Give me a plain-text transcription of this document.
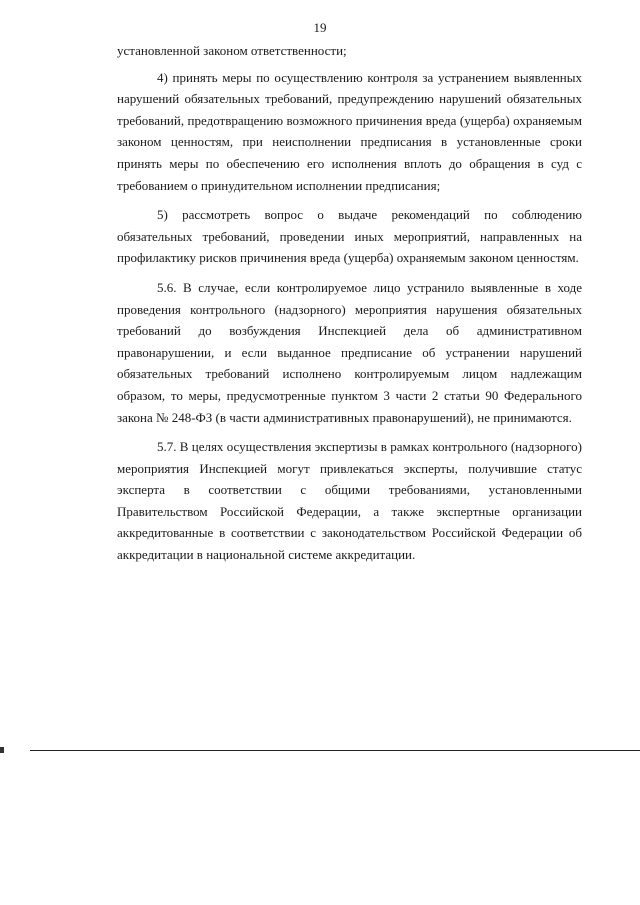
19

установленной законом ответственности;

4) принять меры по осуществлению контроля за устранением выявленных нарушений обязательных требований, предупреждению нарушений обязательных требований, предотвращению возможного причинения вреда (ущерба) охраняемым законом ценностям, при неисполнении предписания в установленные сроки принять меры по обеспечению его исполнения вплоть до обращения в суд с требованием о принудительном исполнении предписания;

5) рассмотреть вопрос о выдаче рекомендаций по соблюдению обязательных требований, проведении иных мероприятий, направленных на профилактику рисков причинения вреда (ущерба) охраняемым законом ценностям.

5.6. В случае, если контролируемое лицо устранило выявленные в ходе проведения контрольного (надзорного) мероприятия нарушения обязательных требований до возбуждения Инспекцией дела об административном правонарушении, и если выданное предписание об устранении нарушений обязательных требований исполнено контролируемым лицом надлежащим образом, то меры, предусмотренные пунктом 3 части 2 статьи 90 Федерального закона № 248-ФЗ (в части административных правонарушений), не принимаются.

5.7. В целях осуществления экспертизы в рамках контрольного (надзорного) мероприятия Инспекцией могут привлекаться эксперты, получившие статус эксперта в соответствии с общими требованиями, установленными Правительством Российской Федерации, а также экспертные организации аккредитованные в соответствии с законодательством Российской Федерации об аккредитации в национальной системе аккредитации.
